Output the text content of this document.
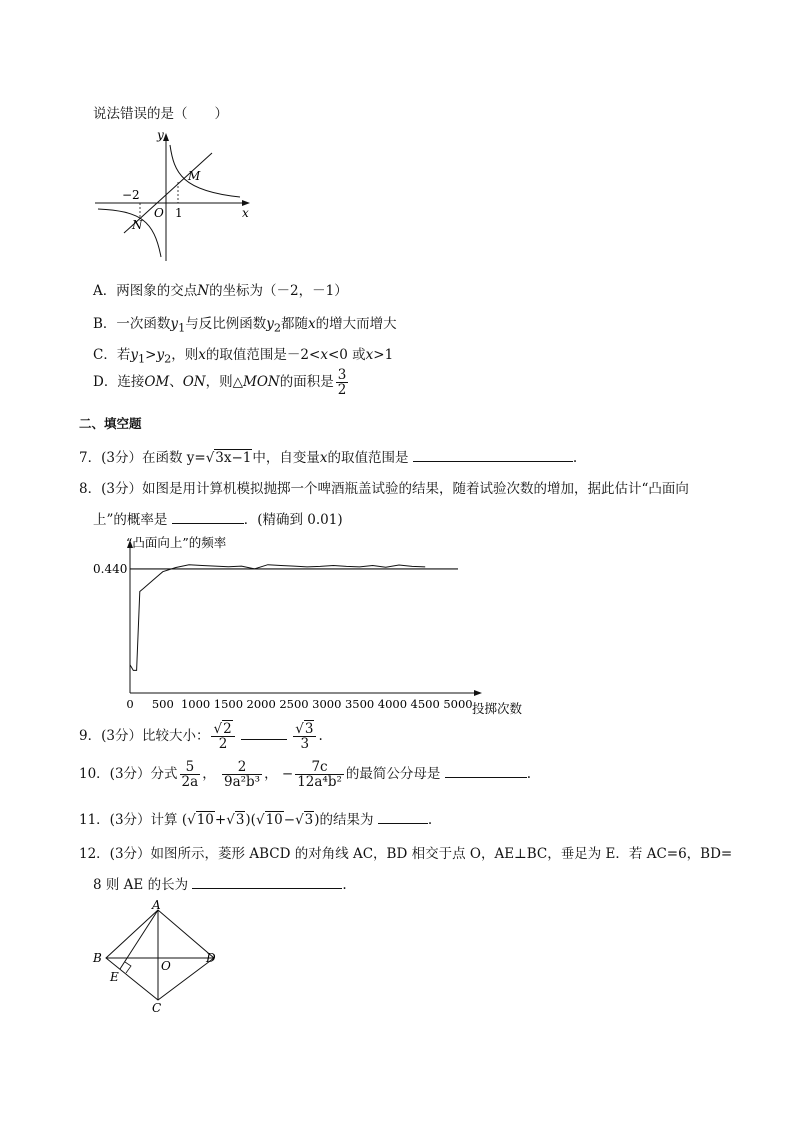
说法错误的是（　　）
y
x
M
N
O
−2
1
A．两图象的交点N的坐标为（－2，－1）
B．一次函数$y_1$与反比例函数$y_2$都随x的增大而增大
C．若$y_1>y_2$，则x的取值范围是－2<x<0 或x>1
D．连接OM、ON，则△MON的面积是 $\frac{3}{2}$
二、填空题
7．(3分）在函数 y=√3x−1中，自变量x的取值范围是	.
8．(3分）如图是用计算机模拟抛掷一个啤酒瓶盖试验的结果，随着试验次数的增加，据此估计“凸面向
上”的概率是	．(精确到 0.01)
0.440
“凸面向上”的频率
0 500 1000 1500 2000 2500 3000 3500 4000 4500 5000 投掷次数
9．(3分）比较大小： $\frac{√2}{2}$
	$\frac{√3}{3}$ .
10．(3分）分式 $\frac{5}{2a}$ ， $\frac{2}{\text{9a²b³}}$ ， − $\frac{7c}{\text{12a⁴b²}}$ 的最简公分母是	.
11．(3分）计算 (√10+√3)(√10−√3)的结果为	.
12．(3分）如图所示，菱形 ABCD 的对角线 AC，BD 相交于点 O，AE⊥BC，垂足为 E．若 AC=6，BD=
8 则 AE 的长为	.
A
B
C
D
E
O
